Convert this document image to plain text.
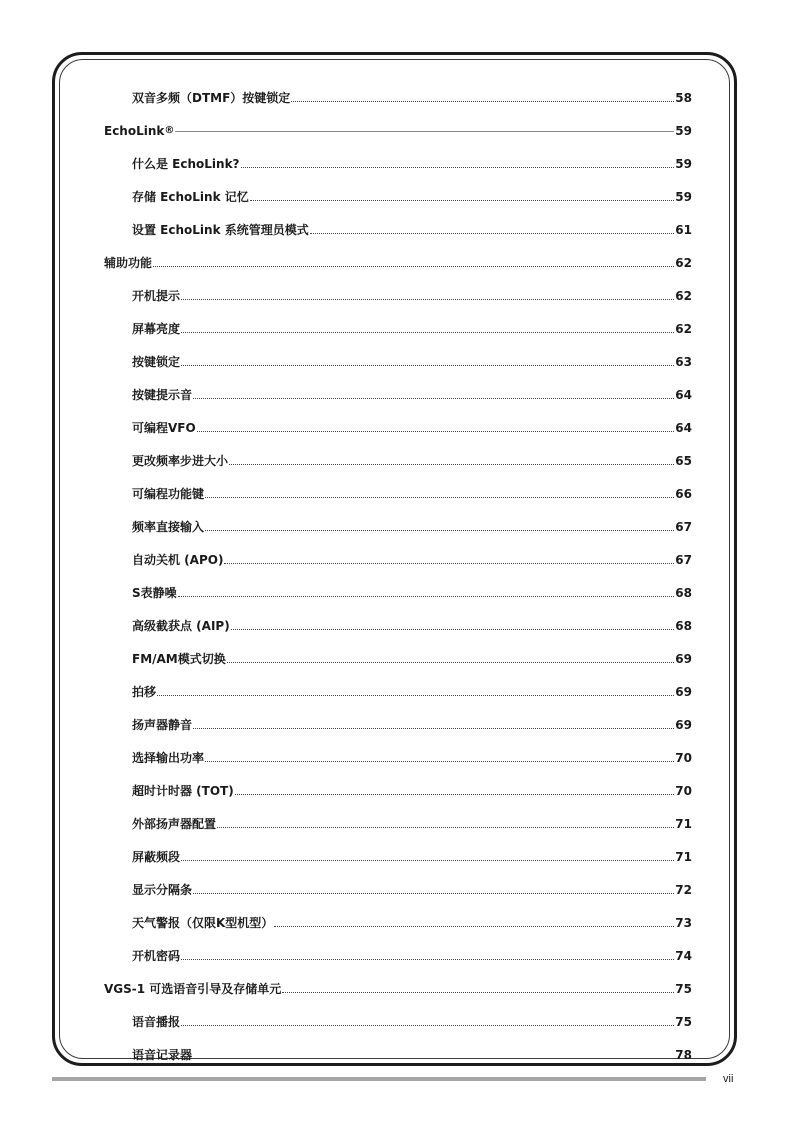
双音多频（DTMF）按键锁定	58
EchoLink ®	59
什么是 EchoLink?	59
存储 EchoLink 记忆	59
设置 EchoLink 系统管理员模式	61
辅助功能	62
开机提示	62
屏幕亮度	62
按键锁定	63
按键提示音	64
可编程VFO	64
更改频率步进大小	65
可编程功能键	66
频率直接输入	67
自动关机 (APO)	67
S表静噪	68
高级截获点 (AIP)	68
FM/AM模式切换	69
拍移	69
扬声器静音	69
选择输出功率	70
超时计时器 (TOT)	70
外部扬声器配置	71
屏蔽频段	71
显示分隔条	72
天气警报（仅限K型机型）	73
开机密码	74
VGS-1 可选语音引导及存储单元	75
语音播报	75
语音记录器	78
vii
